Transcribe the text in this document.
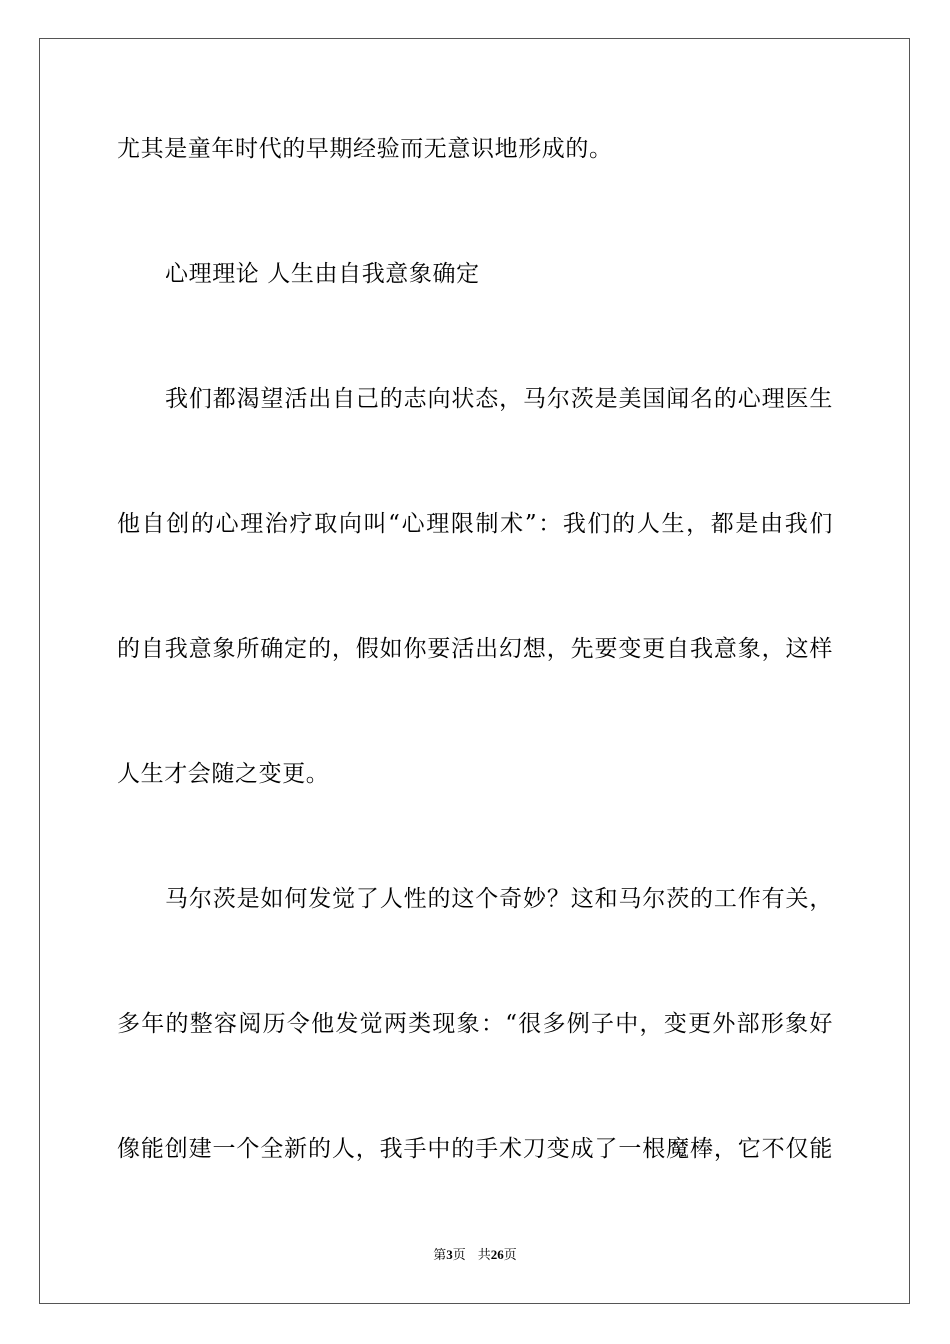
尤其是童年时代的早期经验而无意识地形成的。
心理理论 人生由自我意象确定
我们都渴望活出自己的志向状态，马尔茨是美国闻名的心理医生
他自创的心理治疗取向叫“心理限制术”：我们的人生，都是由我们
的自我意象所确定的，假如你要活出幻想，先要变更自我意象，这样
人生才会随之变更。
马尔茨是如何发觉了人性的这个奇妙？这和马尔茨的工作有关，
多年的整容阅历令他发觉两类现象：“很多例子中，变更外部形象好
像能创建一个全新的人，我手中的手术刀变成了一根魔棒，它不仅能
第3页 共26页
